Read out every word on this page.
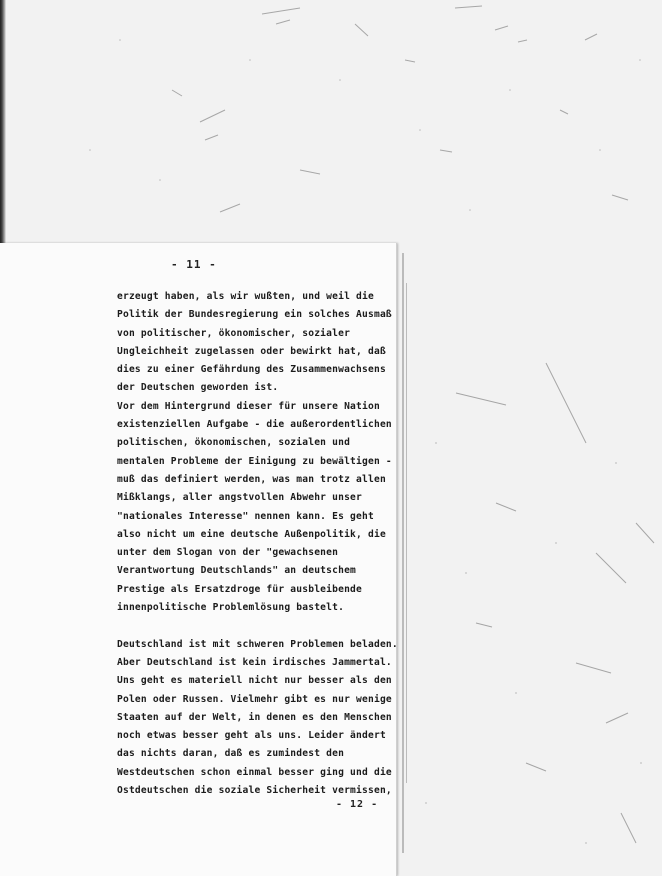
- 11 -
erzeugt haben, als wir wußten, und weil die
Politik der Bundesregierung ein solches Ausmaß
von politischer, ökonomischer, sozialer
Ungleichheit zugelassen oder bewirkt hat, daß
dies zu einer Gefährdung des Zusammenwachsens
der Deutschen geworden ist.
Vor dem Hintergrund dieser für unsere Nation
existenziellen Aufgabe - die außerordentlichen
politischen, ökonomischen, sozialen und
mentalen Probleme der Einigung zu bewältigen -
muß das definiert werden, was man trotz allen
Mißklangs, aller angstvollen Abwehr unser
"nationales Interesse" nennen kann. Es geht
also nicht um eine deutsche Außenpolitik, die
unter dem Slogan von der "gewachsenen
Verantwortung Deutschlands" an deutschem
Prestige als Ersatzdroge für ausbleibende
innenpolitische Problemlösung bastelt.
Deutschland ist mit schweren Problemen beladen.
Aber Deutschland ist kein irdisches Jammertal.
Uns geht es materiell nicht nur besser als den
Polen oder Russen. Vielmehr gibt es nur wenige
Staaten auf der Welt, in denen es den Menschen
noch etwas besser geht als uns. Leider ändert
das nichts daran, daß es zumindest den
Westdeutschen schon einmal besser ging und die
Ostdeutschen die soziale Sicherheit vermissen,
- 12 -
